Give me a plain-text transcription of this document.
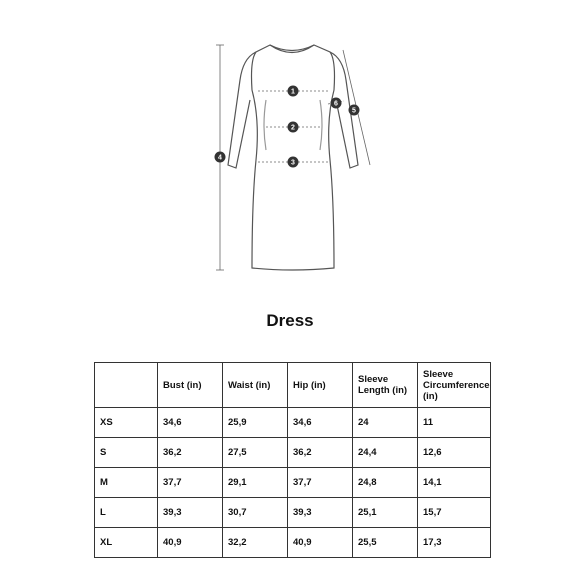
1
2
3
4
5
6
Dress
	Bust (in)	Waist (in)	Hip (in)	Sleeve Length (in)	Sleeve Circumference (in)
XS	34,6	25,9	34,6	24	11
S	36,2	27,5	36,2	24,4	12,6
M	37,7	29,1	37,7	24,8	14,1
L	39,3	30,7	39,3	25,1	15,7
XL	40,9	32,2	40,9	25,5	17,3
